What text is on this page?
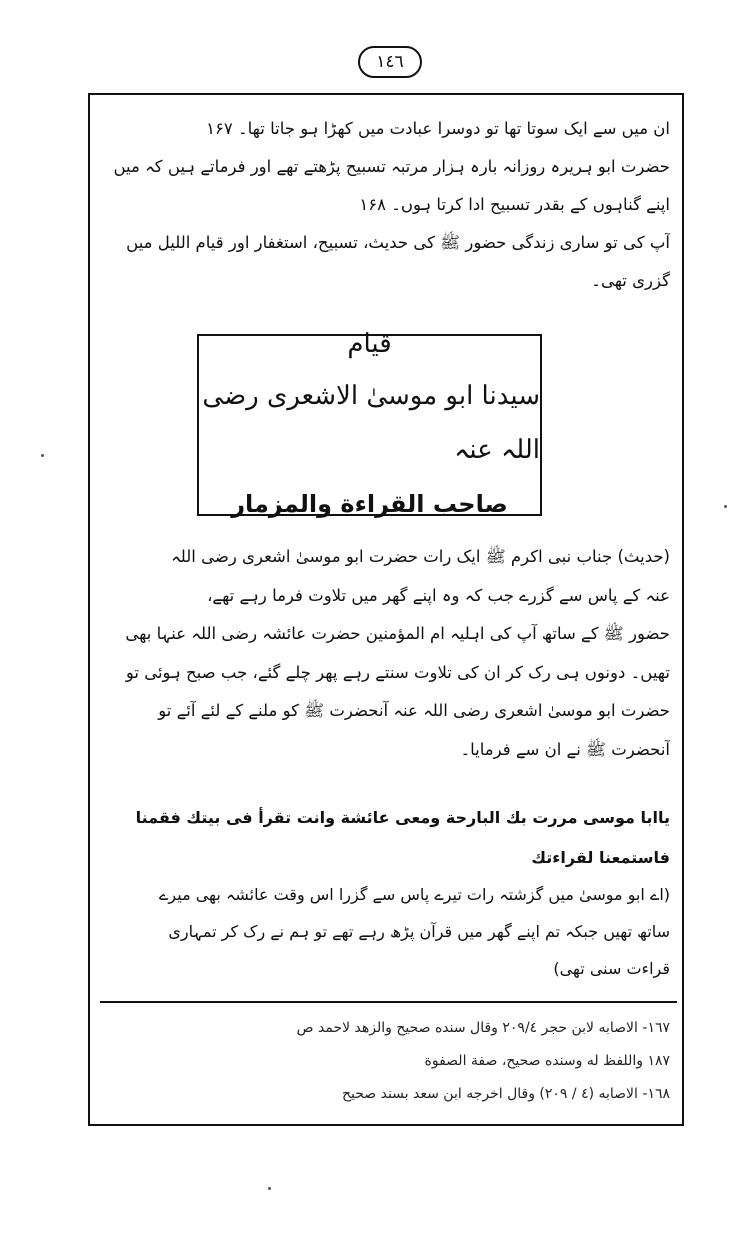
١٤٦
ان میں سے ایک سوتا تھا تو دوسرا عبادت میں کھڑا ہو جاتا تھا۔ ۱۶۷
حضرت ابو ہریرہ روزانہ بارہ ہزار مرتبہ تسبیح پڑھتے تھے اور فرماتے ہیں کہ میں
اپنے گناہوں کے بقدر تسبیح ادا کرتا ہوں۔ ۱۶۸
آپ کی تو ساری زندگی حضور ﷺ کی حدیث، تسبیح، استغفار اور قیام اللیل میں
گزری تھی۔
قیام
سیدنا ابو موسیٰ الاشعری رضی اللہ عنہ
صاحب القراءة والمزمار
(حدیث) جناب نبی اکرم ﷺ ایک رات حضرت ابو موسیٰ اشعری رضی اللہ
عنہ کے پاس سے گزرے جب کہ وہ اپنے گھر میں تلاوت فرما رہے تھے،
حضور ﷺ کے ساتھ آپ کی اہلیہ ام المؤمنین حضرت عائشہ رضی اللہ عنہا بھی
تھیں۔ دونوں ہی رک کر ان کی تلاوت سنتے رہے پھر چلے گئے، جب صبح ہوئی تو
حضرت ابو موسیٰ اشعری رضی اللہ عنہ آنحضرت ﷺ کو ملنے کے لئے آئے تو
آنحضرت ﷺ نے ان سے فرمایا۔
یاابا موسی مررت بك البارحة ومعی عائشة وانت تقرأ فی بیتك فقمنا
فاستمعنا لقراءتك
(اے ابو موسیٰ میں گزشتہ رات تیرے پاس سے گزرا اس وقت عائشہ بھی میرے
ساتھ تھیں جبکہ تم اپنے گھر میں قرآن پڑھ رہے تھے تو ہم نے رک کر تمہاری
قراءت سنی تھی)
١٦٧- الاصابه لابن حجر ٢٠٩/٤ وقال سنده صحيح والزهد لاحمد ص
١٨٧ واللفظ له وسنده صحيح، صفة الصفوة
١٦٨- الاصابه (٤ / ٢٠٩) وقال اخرجه ابن سعد بسند صحيح
